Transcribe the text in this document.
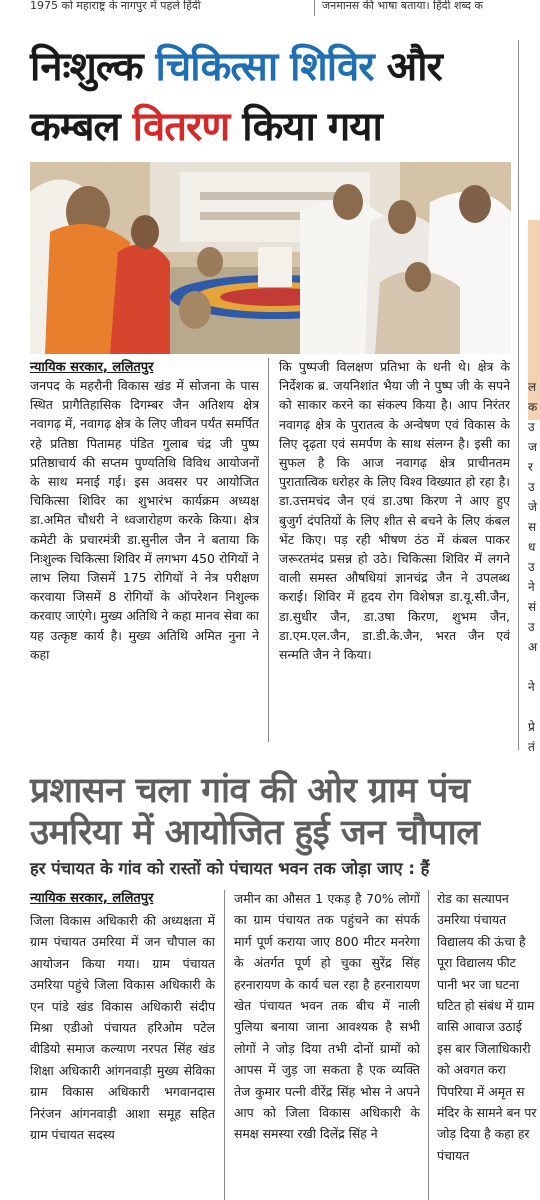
1975 को महाराष्ट्र के नागपुर में पहले हिंदी	जनमानस की भाषा बताया। हिंदी शब्द क
निःशुल्क चिकित्सा शिविर और
कम्बल वितरण किया गया
न्यायिक सरकार, ललितपुर

जनपद के महरौनी विकास खंड में सोजना के पास स्थित प्रागैतिहासिक दिगम्बर जैन अतिशय क्षेत्र नवागढ़ में, नवागढ़ क्षेत्र के लिए जीवन पर्यंत समर्पित रहे प्रतिष्ठा पितामह पंडित गुलाब चंद्र जी पुष्प प्रतिष्ठाचार्य की सप्तम पुण्यतिथि विविध आयोजनों के साथ मनाई गई। इस अवसर पर आयोजित चिकित्सा शिविर का शुभारंभ कार्यक्रम अध्यक्ष डा.अमित चौधरी ने ध्वजारोहण करके किया। क्षेत्र कमेटी के प्रचारमंत्री डा.सुनील जैन ने बताया कि निःशुल्क चिकित्सा शिविर में लगभग 450 रोगियों ने लाभ लिया जिसमें 175 रोगियों ने नेत्र परीक्षण करवाया जिसमें 8 रोगियों के ऑपरेशन निशुल्क करवाए जाएंगे। मुख्य अतिथि ने कहा मानव सेवा का यह उत्कृष्ट कार्य है। मुख्य अतिथि अमित नुना ने कहा

कि पुष्पजी विलक्षण प्रतिभा के धनी थे। क्षेत्र के निर्देशक ब्र. जयनिशांत भैया जी ने पुष्प जी के सपने को साकार करने का संकल्प किया है। आप निरंतर नवागढ़ क्षेत्र के पुरातत्व के अन्वेषण एवं विकास के लिए दृढ़ता एवं समर्पण के साथ संलग्न है। इसी का सुफल है कि आज नवागढ़ क्षेत्र प्राचीनतम पुरातात्विक धरोहर के लिए विश्व विख्यात हो रहा है। डा.उत्तमचंद जैन एवं डा.उषा किरण ने आए हुए बुजुर्ग दंपतियों के लिए शीत से बचने के लिए कंबल भेंट किए। पड़ रही भीषण ठंठ में कंबल पाकर जरूरतमंद प्रसन्न हो उठे। चिकित्सा शिविर में लगने वाली समस्त औषधियां ज्ञानचंद्र जैन ने उपलब्ध कराई। शिविर में हृदय रोग विशेषज्ञ डा.यू.सी.जैन, डा.सुधीर जैन, डा.उषा किरण, शुभम जैन, डा.एम.एल.जैन, डा.डी.के.जैन, भरत जैन एवं सन्मति जैन ने किया।

ल
क
उ
ज
र
उ
जे
स
ध
उ
ने
सं
उ
अ
ने
प्रे
तं
प्रशासन चला गांव की ओर ग्राम पंच
उमरिया में आयोजित हुई जन चौपाल
हर पंचायत के गांव को रास्तों को पंचायत भवन तक जोड़ा जाए : हैं
न्यायिक सरकार, ललितपुर

जिला विकास अधिकारी की अध्यक्षता में ग्राम पंचायत उमरिया में जन चौपाल का आयोजन किया गया। ग्राम पंचायत उमरिया पहुंचे जिला विकास अधिकारी के एन पांडे खंड विकास अधिकारी संदीप मिश्रा एडीओ पंचायत हरिओम पटेल वीडियो समाज कल्याण नरपत सिंह खंड शिक्षा अधिकारी आंगनवाड़ी मुख्य सेविका ग्राम विकास अधिकारी भगवानदास निरंजन आंगनवाड़ी आशा समूह सहित ग्राम पंचायत सदस्य

जमीन का औसत 1 एकड़ है 70% लोगों का ग्राम पंचायत तक पहुंचने का संपर्क मार्ग पूर्ण कराया जाए 800 मीटर मनरेगा के अंतर्गत पूर्ण हो चुका सुरेंद्र सिंह हरनारायण के कार्य चल रहा है हरनारायण खेत पंचायत भवन तक बीच में नाली पुलिया बनाया जाना आवश्यक है सभी लोगों ने जोड़ दिया तभी दोनों ग्रामों को आपस में जुड़ जा सकता है एक व्यक्ति तेज कुमार पत्नी वीरेंद्र सिंह भोस ने अपने आप को जिला विकास अधिकारी के समक्ष समस्या रखी दिलेंद्र सिंह ने

रोड का सत्यापन उमरिया पंचायत विद्यालय की ऊंचा है पूरा विद्यालय फीट पानी भर जा घटना घटित हो संबंध में ग्राम वासि आवाज उठाई इस बार जिलाधिकारी को अवगत करा पिपरिया में अमृत स मंदिर के सामने बन पर जोड़ दिया है कहा हर पंचायत
